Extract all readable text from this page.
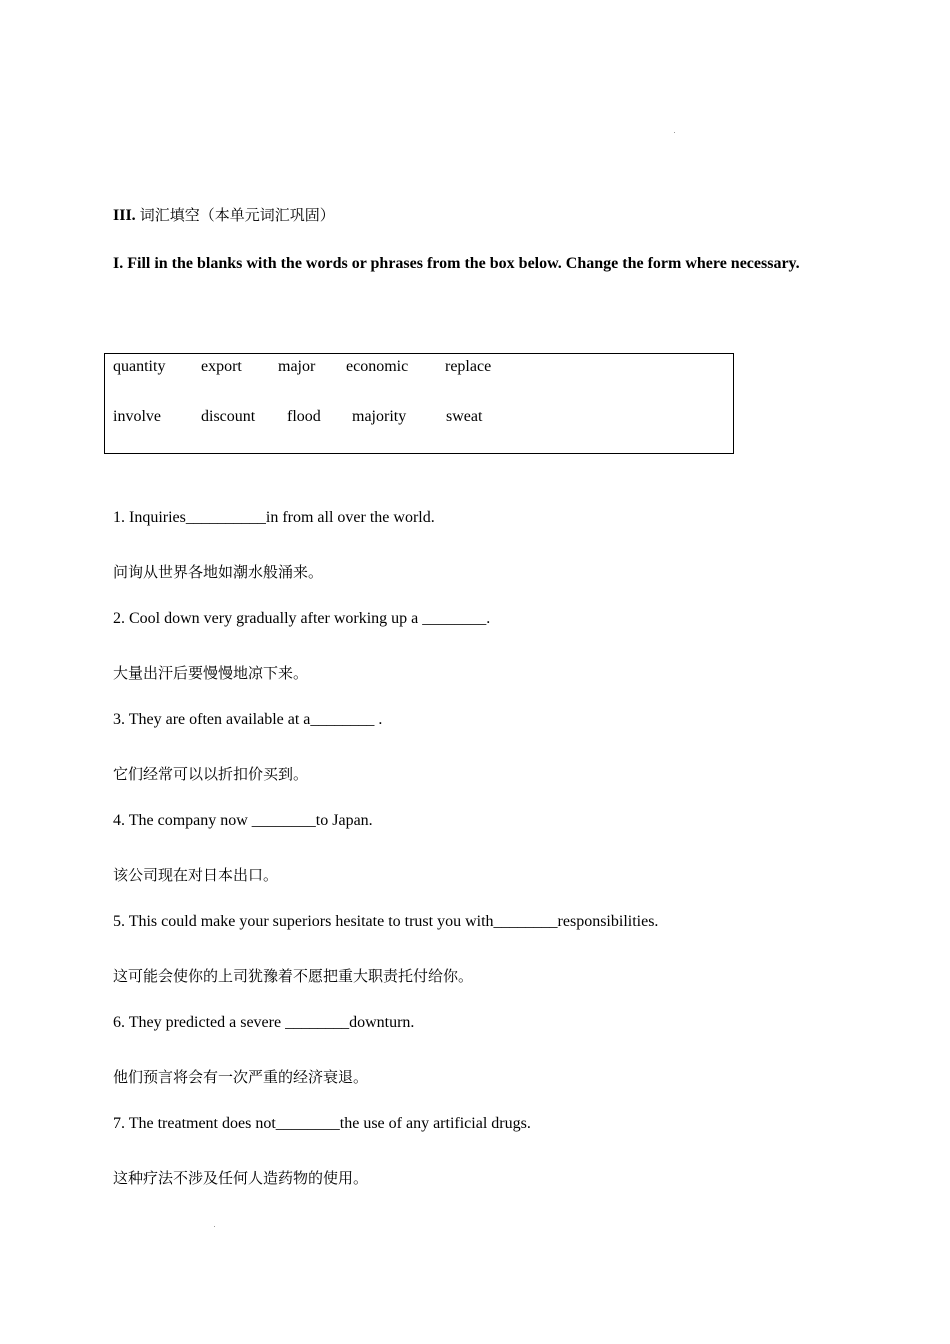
III. 词汇填空（本单元词汇巩固）
I. Fill in the blanks with the words or phrases from the box below. Change the form where necessary.
quantity export major economic replace
involve	discount flood majority sweat
1. Inquiries__________in from all over the world.
问询从世界各地如潮水般涌来。
2. Cool down very gradually after working up a ________.
大量出汗后要慢慢地凉下来。
3. They are often available at a________ .
它们经常可以以折扣价买到。
4. The company now ________to Japan.
该公司现在对日本出口。
5. This could make your superiors hesitate to trust you with________responsibilities.
这可能会使你的上司犹豫着不愿把重大职责托付给你。
6. They predicted a severe ________downturn.
他们预言将会有一次严重的经济衰退。
7. The treatment does not________the use of any artificial drugs.
这种疗法不涉及任何人造药物的使用。
